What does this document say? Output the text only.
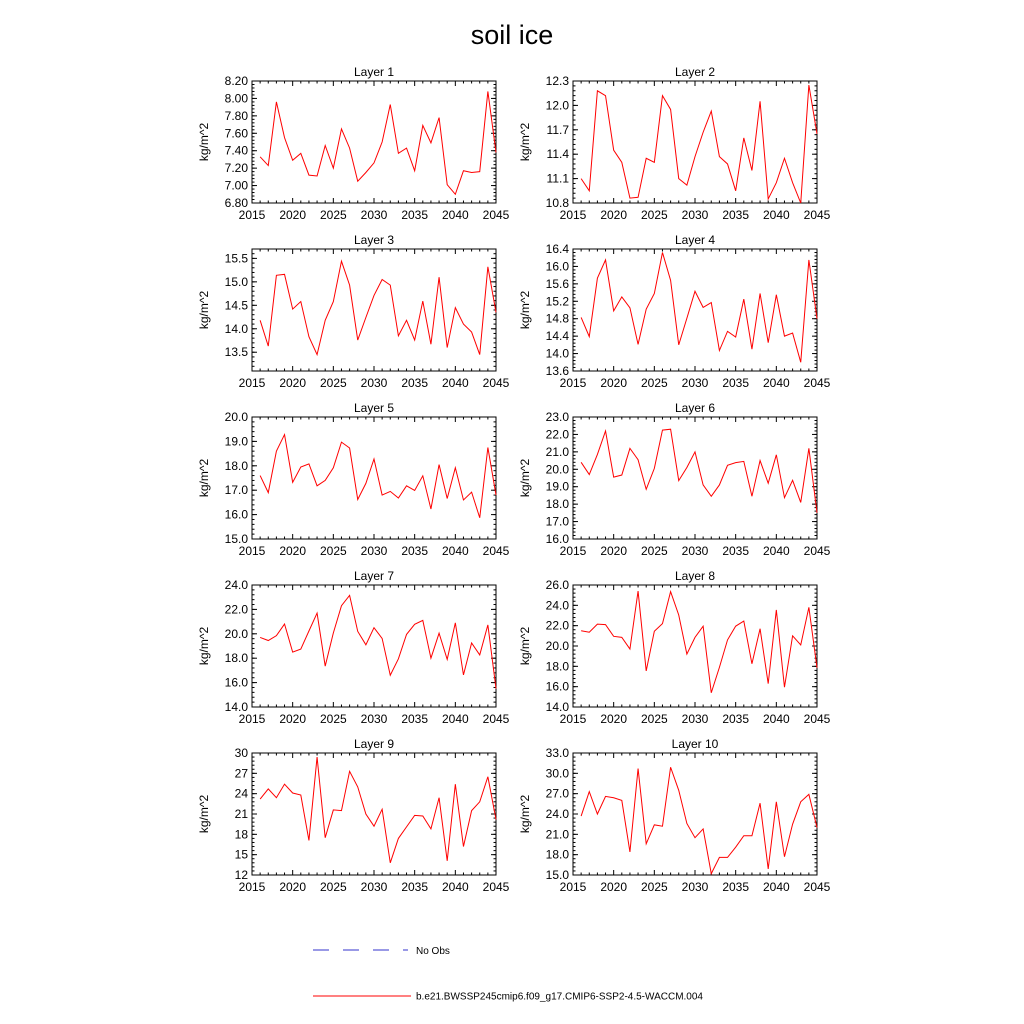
soil ice
Layer 1
kg/m^2
2015 2020 2025 2030 2035 2040 2045
6.80
7.00
7.20
7.40
7.60
7.80
8.00
8.20
Layer 2
kg/m^2
2015 2020 2025 2030 2035 2040 2045
10.8
11.1
11.4
11.7
12.0
12.3
Layer 3
kg/m^2
2015 2020 2025 2030 2035 2040 2045
13.5
14.0
14.5
15.0
15.5
Layer 4
kg/m^2
2015 2020 2025 2030 2035 2040 2045
13.6
14.0
14.4
14.8
15.2
15.6
16.0
16.4
Layer 5
kg/m^2
2015 2020 2025 2030 2035 2040 2045
15.0
16.0
17.0
18.0
19.0
20.0
Layer 6
kg/m^2
2015 2020 2025 2030 2035 2040 2045
16.0
17.0
18.0
19.0
20.0
21.0
22.0
23.0
Layer 7
kg/m^2
2015 2020 2025 2030 2035 2040 2045
14.0
16.0
18.0
20.0
22.0
24.0
Layer 8
kg/m^2
2015 2020 2025 2030 2035 2040 2045
14.0
16.0
18.0
20.0
22.0
24.0
26.0
Layer 9
kg/m^2
2015 2020 2025 2030 2035 2040 2045
12
15
18
21
24
27
30
Layer 10
kg/m^2
2015 2020 2025 2030 2035 2040 2045
15.0
18.0
21.0
24.0
27.0
30.0
33.0
No Obs
b.e21.BWSSP245cmip6.f09_g17.CMIP6-SSP2-4.5-WACCM.004
